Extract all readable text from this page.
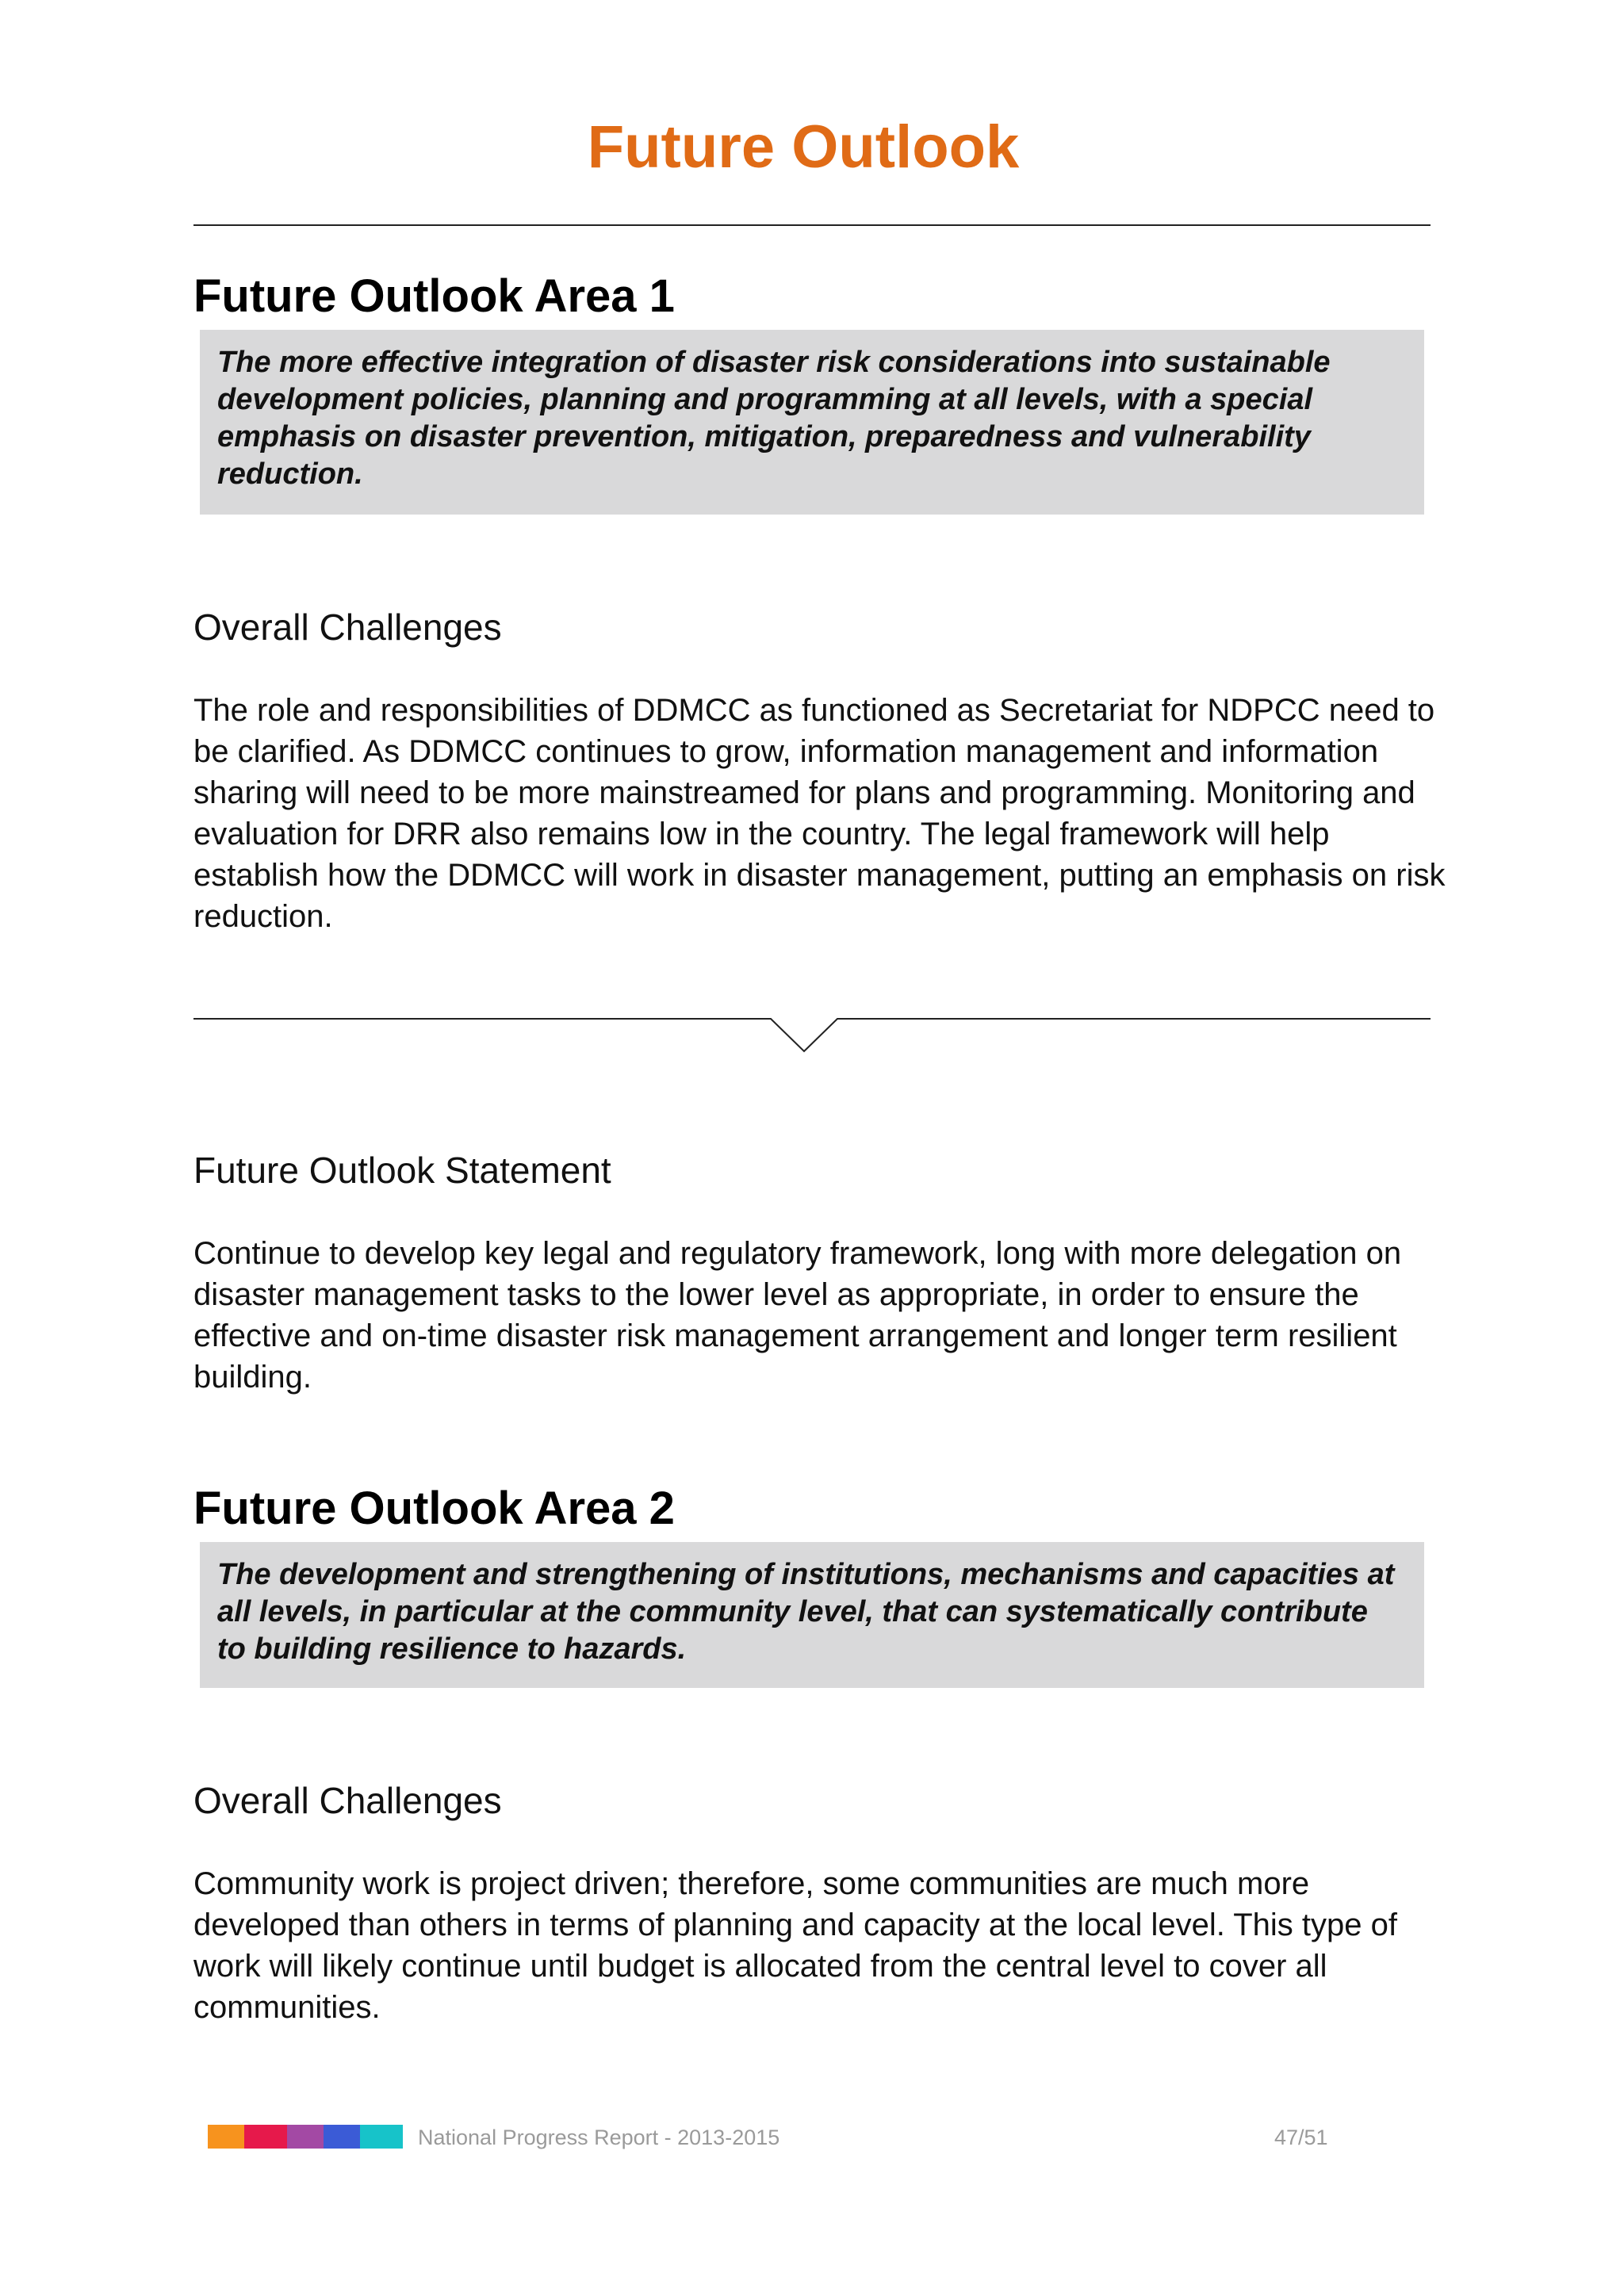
Future Outlook
Future Outlook Area 1
The more effective integration of disaster risk considerations into sustainable development policies, planning and programming at all levels, with a special emphasis on disaster prevention, mitigation, preparedness and vulnerability reduction.
Overall Challenges
The role and responsibilities of DDMCC as functioned as Secretariat for NDPCC need to be clarified. As DDMCC continues to grow, information management and information sharing will need to be more mainstreamed for plans and programming. Monitoring and evaluation for DRR also remains low in the country. The legal framework will help establish how the DDMCC will work in disaster management, putting an emphasis on risk reduction.
Future Outlook Statement
Continue to develop key legal and regulatory framework, long with more delegation on disaster management tasks to the lower level as appropriate, in order to ensure the effective and on-time disaster risk management arrangement and longer term resilient building.
Future Outlook Area 2
The development and strengthening of institutions, mechanisms and capacities at all levels, in particular at the community level, that can systematically contribute to building resilience to hazards.
Overall Challenges
Community work is project driven; therefore, some communities are much more developed than others in terms of planning and capacity at the local level. This type of work will likely continue until budget is allocated from the central level to cover all communities.
National Progress Report - 2013-2015	47/51
